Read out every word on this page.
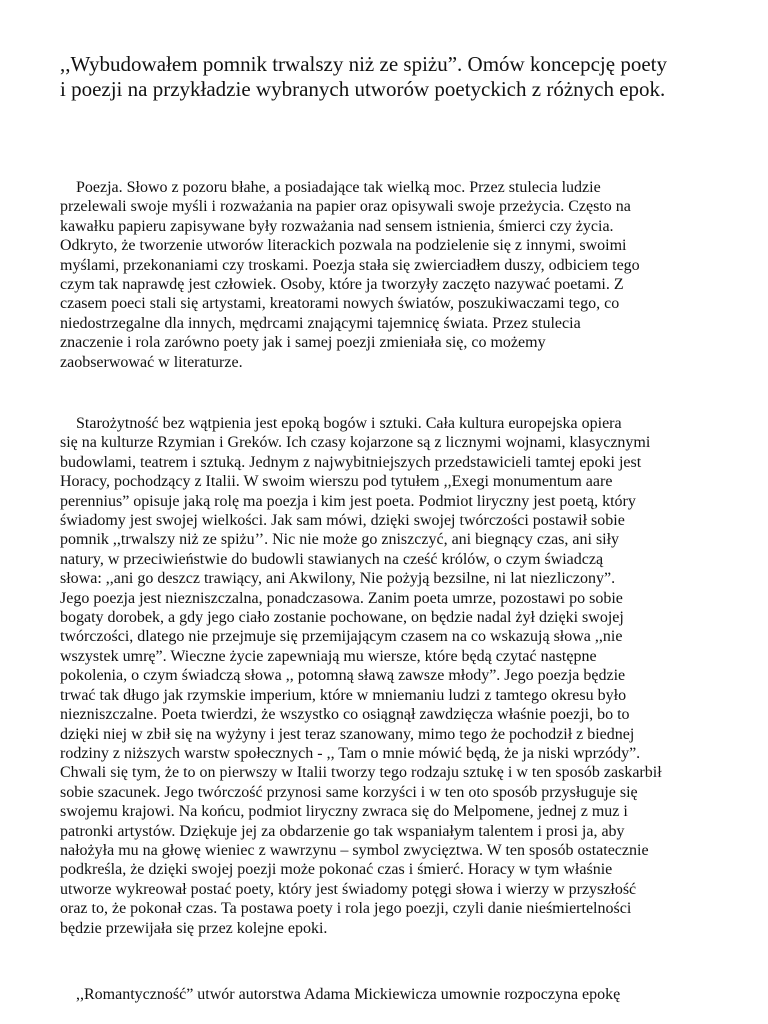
,,Wybudowałem pomnik trwalszy niż ze spiżu”. Omów koncepcję poety
i poezji na przykładzie wybranych utworów poetyckich z różnych epok.

Poezja. Słowo z pozoru błahe, a posiadające tak wielką moc. Przez stulecia ludzie
przelewali swoje myśli i rozważania na papier oraz opisywali swoje przeżycia. Często na
kawałku papieru zapisywane były rozważania nad sensem istnienia, śmierci czy życia.
Odkryto, że tworzenie utworów literackich pozwala na podzielenie się z innymi, swoimi
myślami, przekonaniami czy troskami. Poezja stała się zwierciadłem duszy, odbiciem tego
czym tak naprawdę jest człowiek. Osoby, które ja tworzyły zaczęto nazywać poetami. Z
czasem poeci stali się artystami, kreatorami nowych światów, poszukiwaczami tego, co
niedostrzegalne dla innych, mędrcami znającymi tajemnicę świata. Przez stulecia
znaczenie i rola zarówno poety jak i samej poezji zmieniała się, co możemy
zaobserwować w literaturze.

Starożytność bez wątpienia jest epoką bogów i sztuki. Cała kultura europejska opiera
się na kulturze Rzymian i Greków. Ich czasy kojarzone są z licznymi wojnami, klasycznymi
budowlami, teatrem i sztuką. Jednym z najwybitniejszych przedstawicieli tamtej epoki jest
Horacy, pochodzący z Italii. W swoim wierszu pod tytułem ,,Exegi monumentum aare
perennius” opisuje jaką rolę ma poezja i kim jest poeta. Podmiot liryczny jest poetą, który
świadomy jest swojej wielkości. Jak sam mówi, dzięki swojej twórczości postawił sobie
pomnik ,,trwalszy niż ze spiżu’’. Nic nie może go zniszczyć, ani biegnący czas, ani siły
natury, w przeciwieństwie do budowli stawianych na cześć królów, o czym świadczą
słowa: ,,ani go deszcz trawiący, ani Akwilony, Nie pożyją bezsilne, ni lat niezliczony”.
Jego poezja jest niezniszczalna, ponadczasowa. Zanim poeta umrze, pozostawi po sobie
bogaty dorobek, a gdy jego ciało zostanie pochowane, on będzie nadal żył dzięki swojej
twórczości, dlatego nie przejmuje się przemijającym czasem na co wskazują słowa ,,nie
wszystek umrę”. Wieczne życie zapewniają mu wiersze, które będą czytać następne
pokolenia, o czym świadczą słowa ,, potomną sławą zawsze młody”. Jego poezja będzie
trwać tak długo jak rzymskie imperium, które w mniemaniu ludzi z tamtego okresu było
niezniszczalne. Poeta twierdzi, że wszystko co osiągnął zawdzięcza właśnie poezji, bo to
dzięki niej w zbił się na wyżyny i jest teraz szanowany, mimo tego że pochodził z biednej
rodziny z niższych warstw społecznych - ,, Tam o mnie mówić będą, że ja niski wprzódy”.
Chwali się tym, że to on pierwszy w Italii tworzy tego rodzaju sztukę i w ten sposób zaskarbił
sobie szacunek. Jego twórczość przynosi same korzyści i w ten oto sposób przysługuje się
swojemu krajowi. Na końcu, podmiot liryczny zwraca się do Melpomene, jednej z muz i
patronki artystów. Dziękuje jej za obdarzenie go tak wspaniałym talentem i prosi ja, aby
nałożyła mu na głowę wieniec z wawrzynu – symbol zwycięztwa. W ten sposób ostatecznie
podkreśla, że dzięki swojej poezji może pokonać czas i śmierć. Horacy w tym właśnie
utworze wykreował postać poety, który jest świadomy potęgi słowa i wierzy w przyszłość
oraz to, że pokonał czas. Ta postawa poety i rola jego poezji, czyli danie nieśmiertelności
będzie przewijała się przez kolejne epoki.

,,Romantyczność” utwór autorstwa Adama Mickiewicza umownie rozpoczyna epokę
